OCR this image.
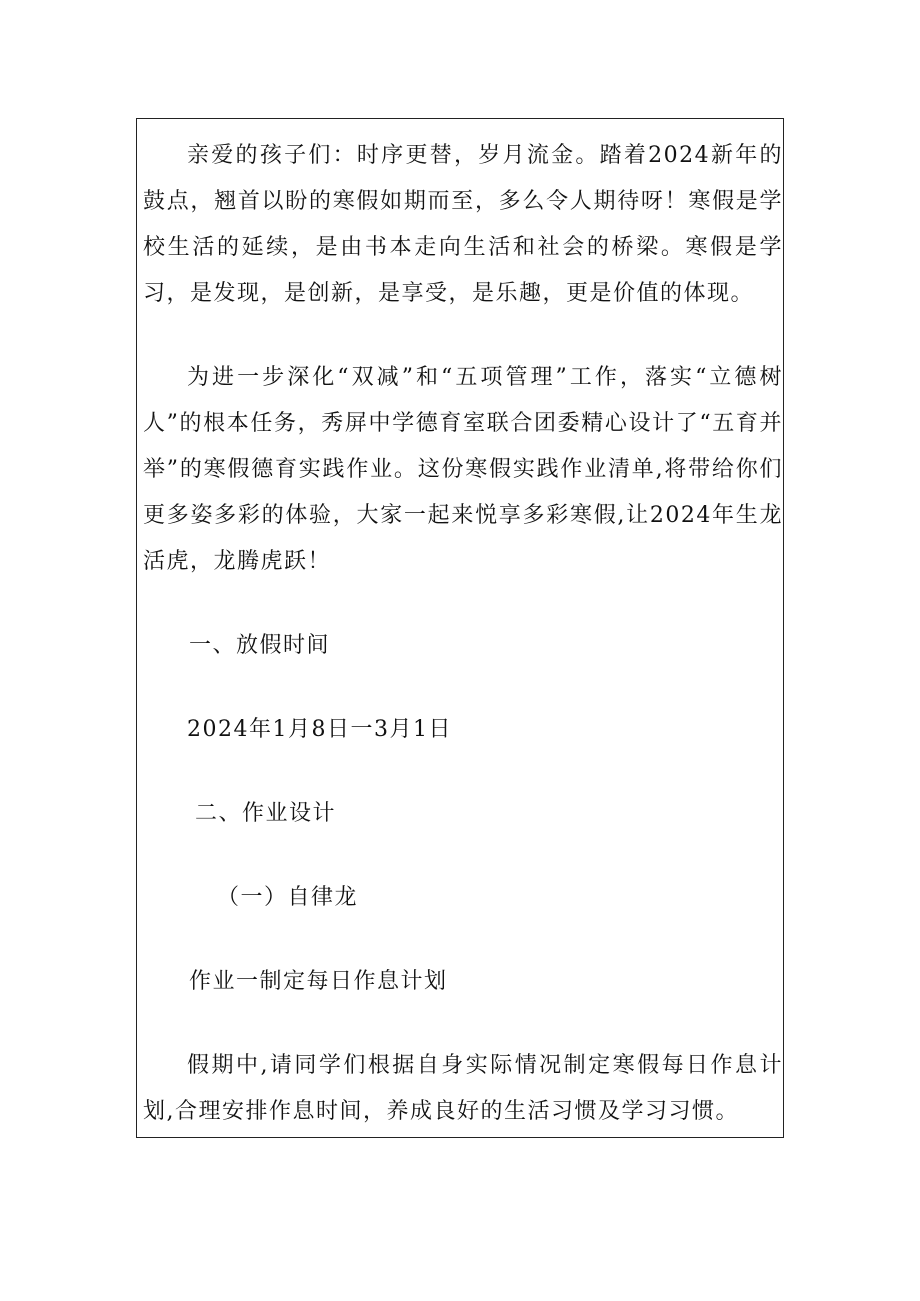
亲爱的孩子们：时序更替，岁月流金。踏着2024新年的鼓点，翘首以盼的寒假如期而至，多么令人期待呀！寒假是学校生活的延续，是由书本走向生活和社会的桥梁。寒假是学习，是发现，是创新，是享受，是乐趣，更是价值的体现。

为进一步深化“双减”和“五项管理”工作，落实“立德树人”的根本任务，秀屏中学德育室联合团委精心设计了“五育并举”的寒假德育实践作业。这份寒假实践作业清单,将带给你们更多姿多彩的体验，大家一起来悦享多彩寒假,让2024年生龙活虎，龙腾虎跃！

一、放假时间

2024年1月8日一3月1日

二、作业设计

（一）自律龙

作业一制定每日作息计划

假期中,请同学们根据自身实际情况制定寒假每日作息计划,合理安排作息时间，养成良好的生活习惯及学习习惯。
